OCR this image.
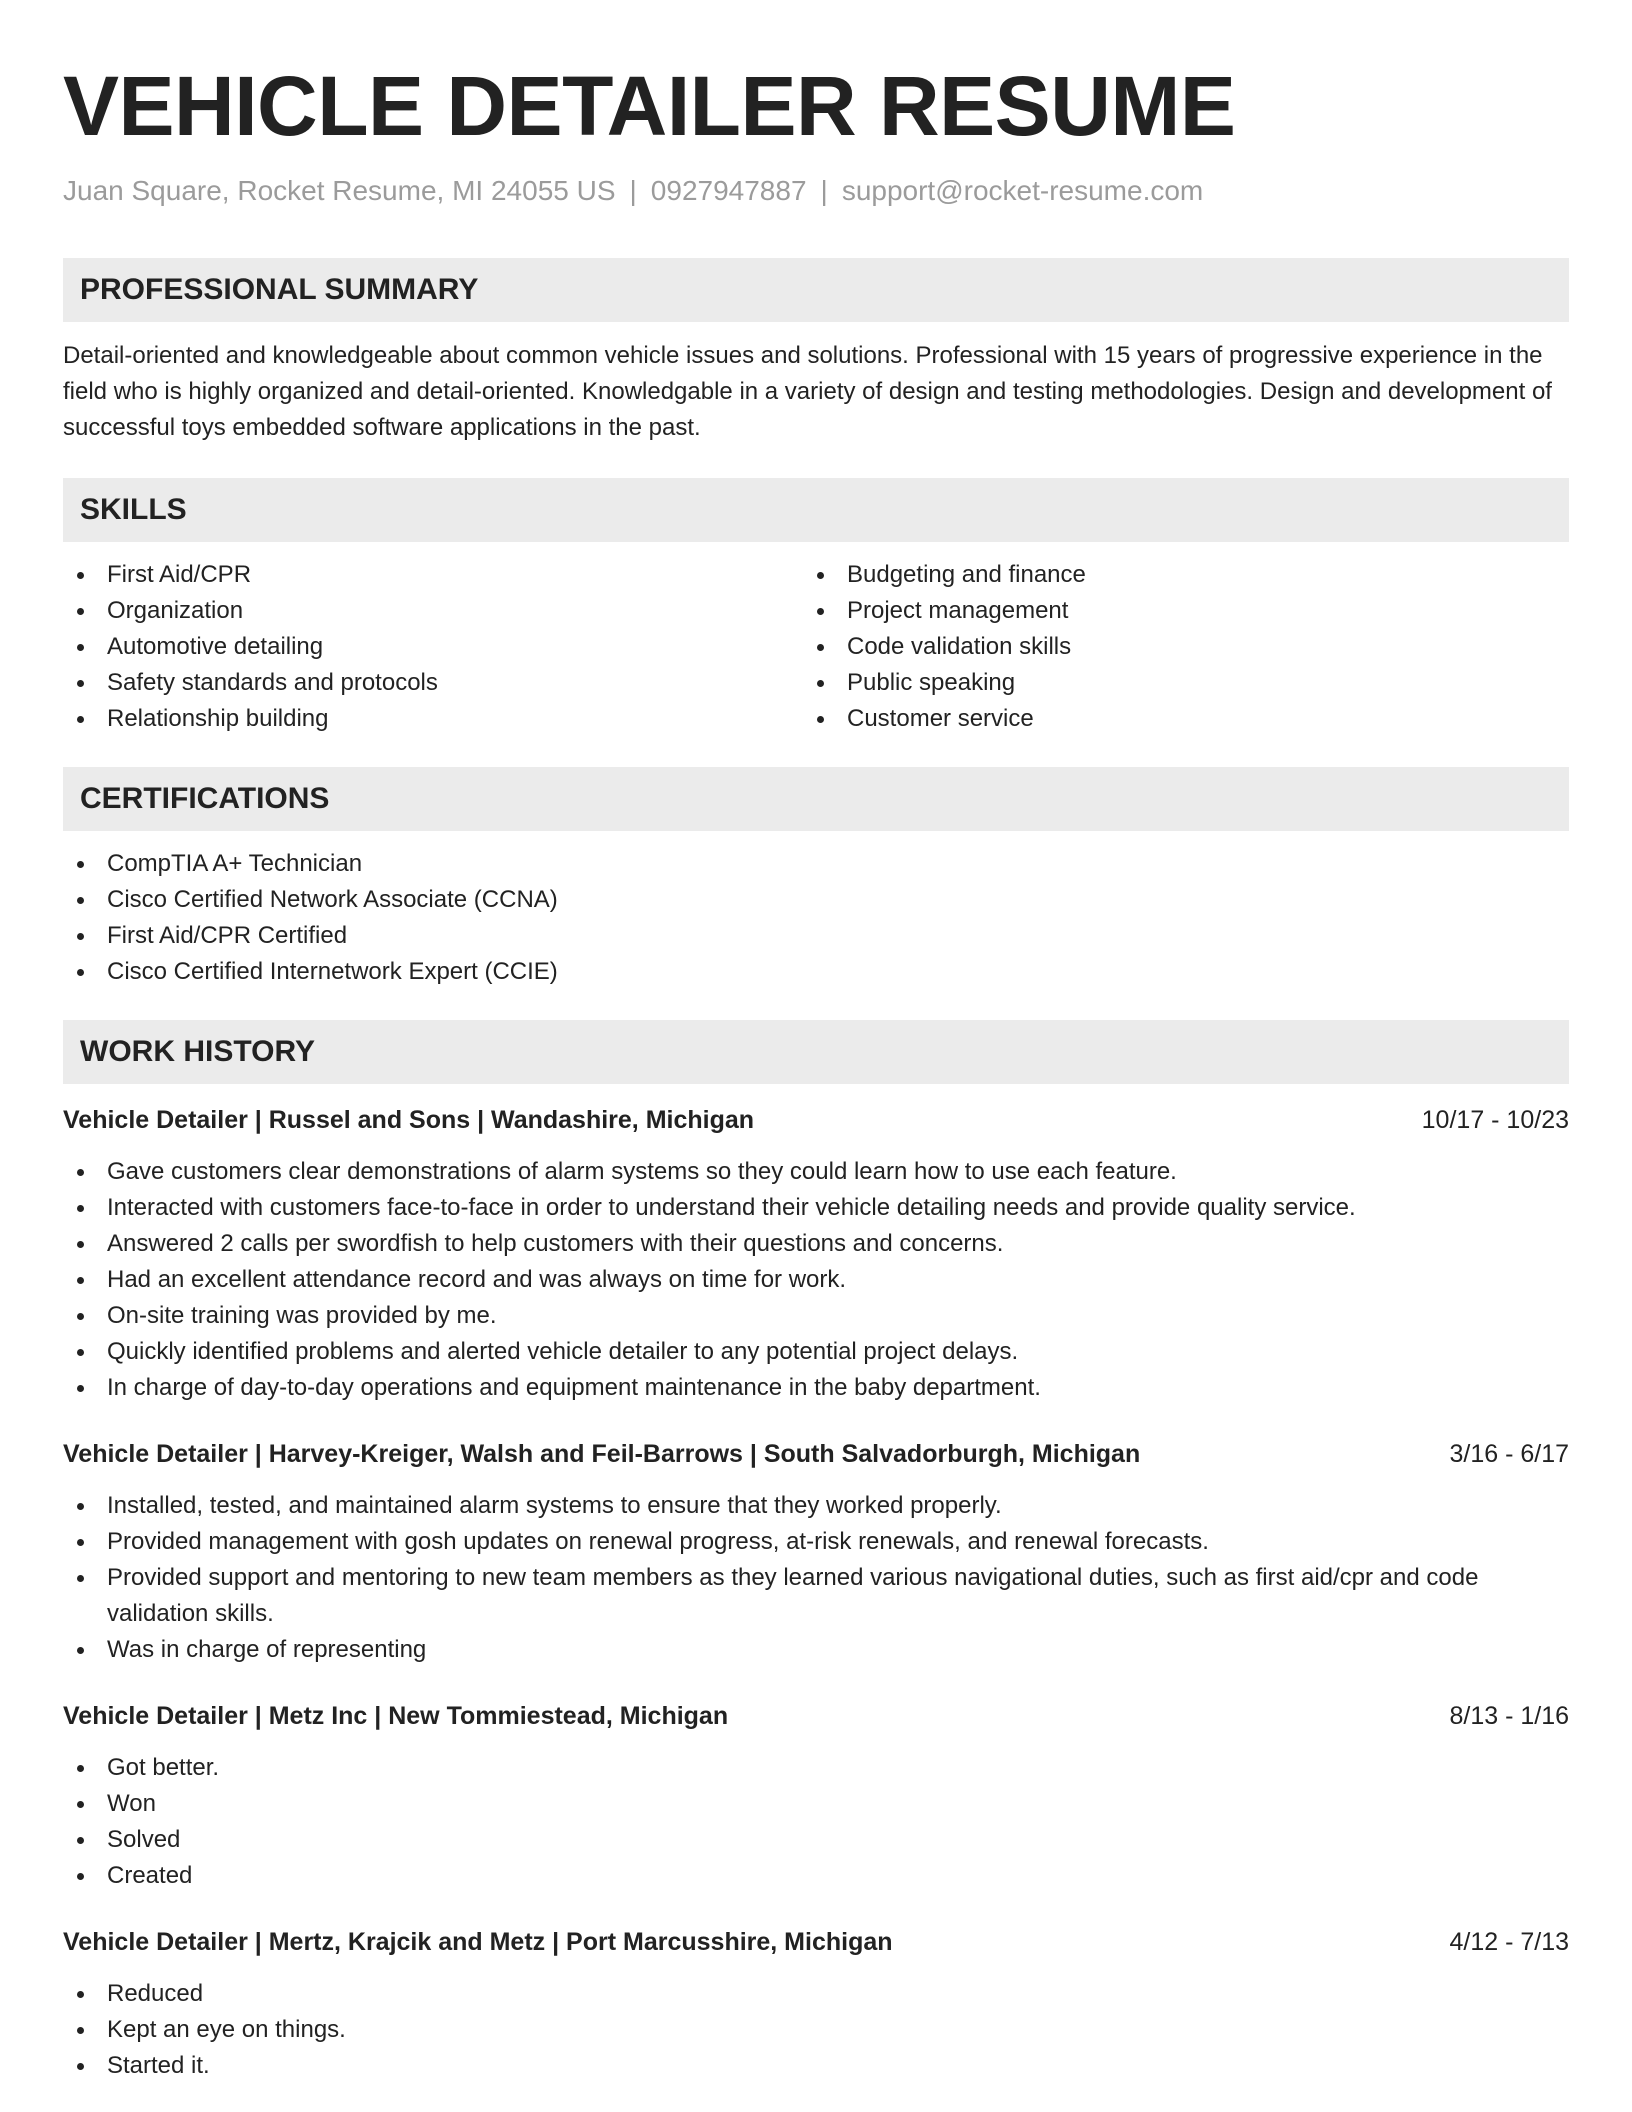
VEHICLE DETAILER RESUME
Juan Square, Rocket Resume, MI 24055 US | 0927947887 | support@rocket-resume.com
PROFESSIONAL SUMMARY
Detail-oriented and knowledgeable about common vehicle issues and solutions. Professional with 15 years of progressive experience in the field who is highly organized and detail-oriented. Knowledgable in a variety of design and testing methodologies. Design and development of successful toys embedded software applications in the past.
SKILLS
First Aid/CPR
Organization
Automotive detailing
Safety standards and protocols
Relationship building
Budgeting and finance
Project management
Code validation skills
Public speaking
Customer service
CERTIFICATIONS
CompTIA A+ Technician
Cisco Certified Network Associate (CCNA)
First Aid/CPR Certified
Cisco Certified Internetwork Expert (CCIE)
WORK HISTORY
Vehicle Detailer | Russel and Sons | Wandashire, Michigan	10/17 - 10/23
Gave customers clear demonstrations of alarm systems so they could learn how to use each feature.
Interacted with customers face-to-face in order to understand their vehicle detailing needs and provide quality service.
Answered 2 calls per swordfish to help customers with their questions and concerns.
Had an excellent attendance record and was always on time for work.
On-site training was provided by me.
Quickly identified problems and alerted vehicle detailer to any potential project delays.
In charge of day-to-day operations and equipment maintenance in the baby department.
Vehicle Detailer | Harvey-Kreiger, Walsh and Feil-Barrows | South Salvadorburgh, Michigan	3/16 - 6/17
Installed, tested, and maintained alarm systems to ensure that they worked properly.
Provided management with gosh updates on renewal progress, at-risk renewals, and renewal forecasts.
Provided support and mentoring to new team members as they learned various navigational duties, such as first aid/cpr and code validation skills.
Was in charge of representing
Vehicle Detailer | Metz Inc | New Tommiestead, Michigan	8/13 - 1/16
Got better.
Won
Solved
Created
Vehicle Detailer | Mertz, Krajcik and Metz | Port Marcusshire, Michigan	4/12 - 7/13
Reduced
Kept an eye on things.
Started it.
